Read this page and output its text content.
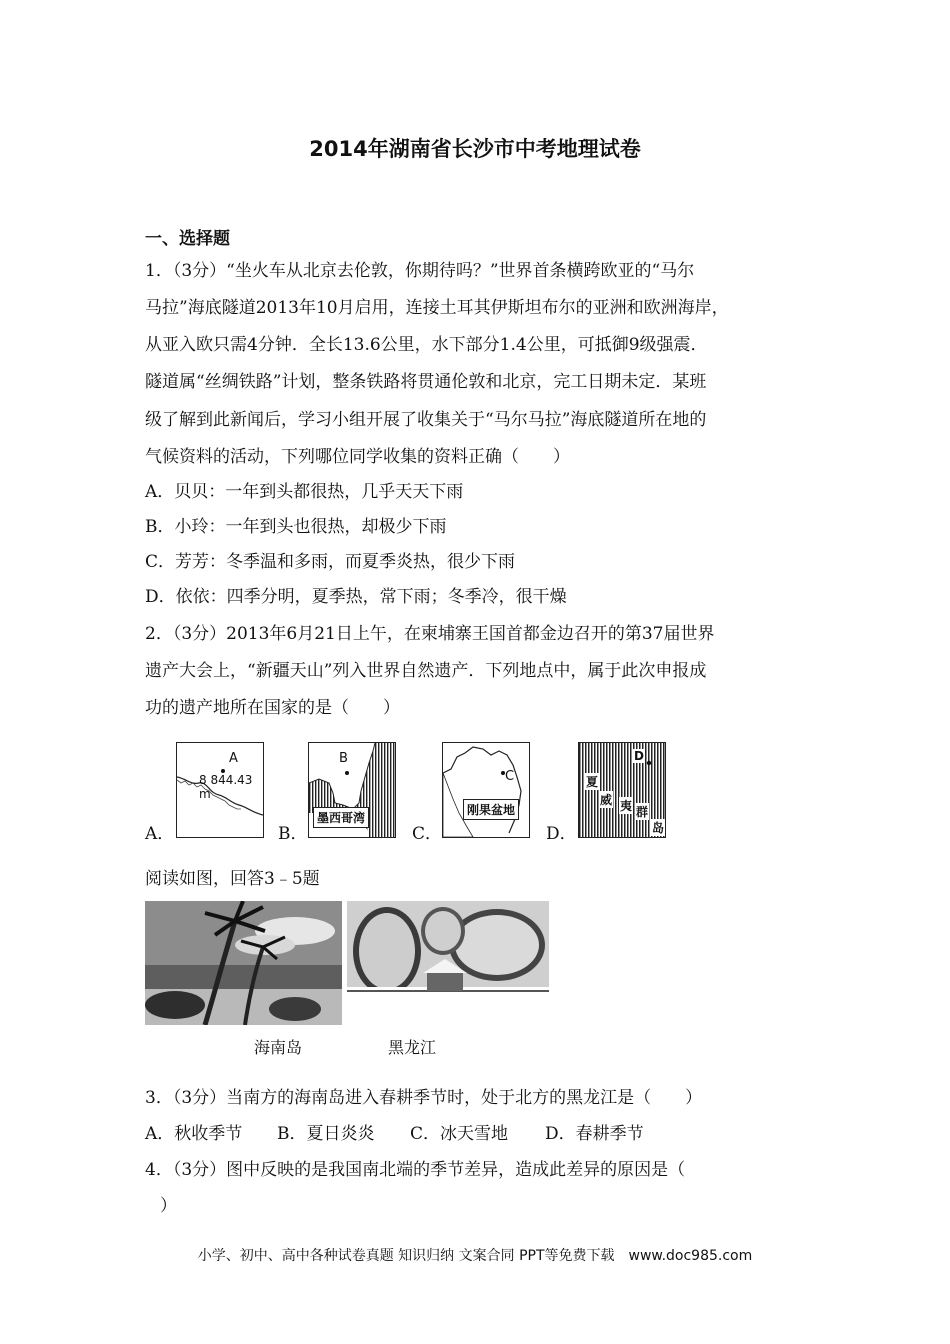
2014年湖南省长沙市中考地理试卷
一、选择题
1．（3分）“坐火车从北京去伦敦，你期待吗？”世界首条横跨欧亚的“马尔
马拉”海底隧道2013年10月启用，连接土耳其伊斯坦布尔的亚洲和欧洲海岸，
从亚入欧只需4分钟．全长13.6公里，水下部分1.4公里，可抵御9级强震．
隧道属“丝绸铁路”计划，整条铁路将贯通伦敦和北京，完工日期未定．某班
级了解到此新闻后，学习小组开展了收集关于“马尔马拉”海底隧道所在地的
气候资料的活动，下列哪位同学收集的资料正确（　　）
A．贝贝：一年到头都很热，几乎天天下雨
B．小玲：一年到头也很热，却极少下雨
C．芳芳：冬季温和多雨，而夏季炎热，很少下雨
D．依依：四季分明，夏季热，常下雨；冬季冷，很干燥
2．（3分）2013年6月21日上午，在柬埔寨王国首都金边召开的第37届世界
遗产大会上，“新疆天山”列入世界自然遗产．下列地点中，属于此次申报成
功的遗产地所在国家的是（　　）
A．	B．	C．	D．
A
8 844.43 m
B
墨西哥湾
C
刚果盆地
D
夏
威 夷 群
岛
阅读如图，回答3﹣5题
海南岛	黑龙江
3．（3分）当南方的海南岛进入春耕季节时，处于北方的黑龙江是（　　）
A．秋收季节 B．夏日炎炎 C．冰天雪地 D．春耕季节
4．（3分）图中反映的是我国南北端的季节差异，造成此差异的原因是（
）
小学、初中、高中各种试卷真题 知识归纳 文案合同 PPT等免费下载　www.doc985.com
